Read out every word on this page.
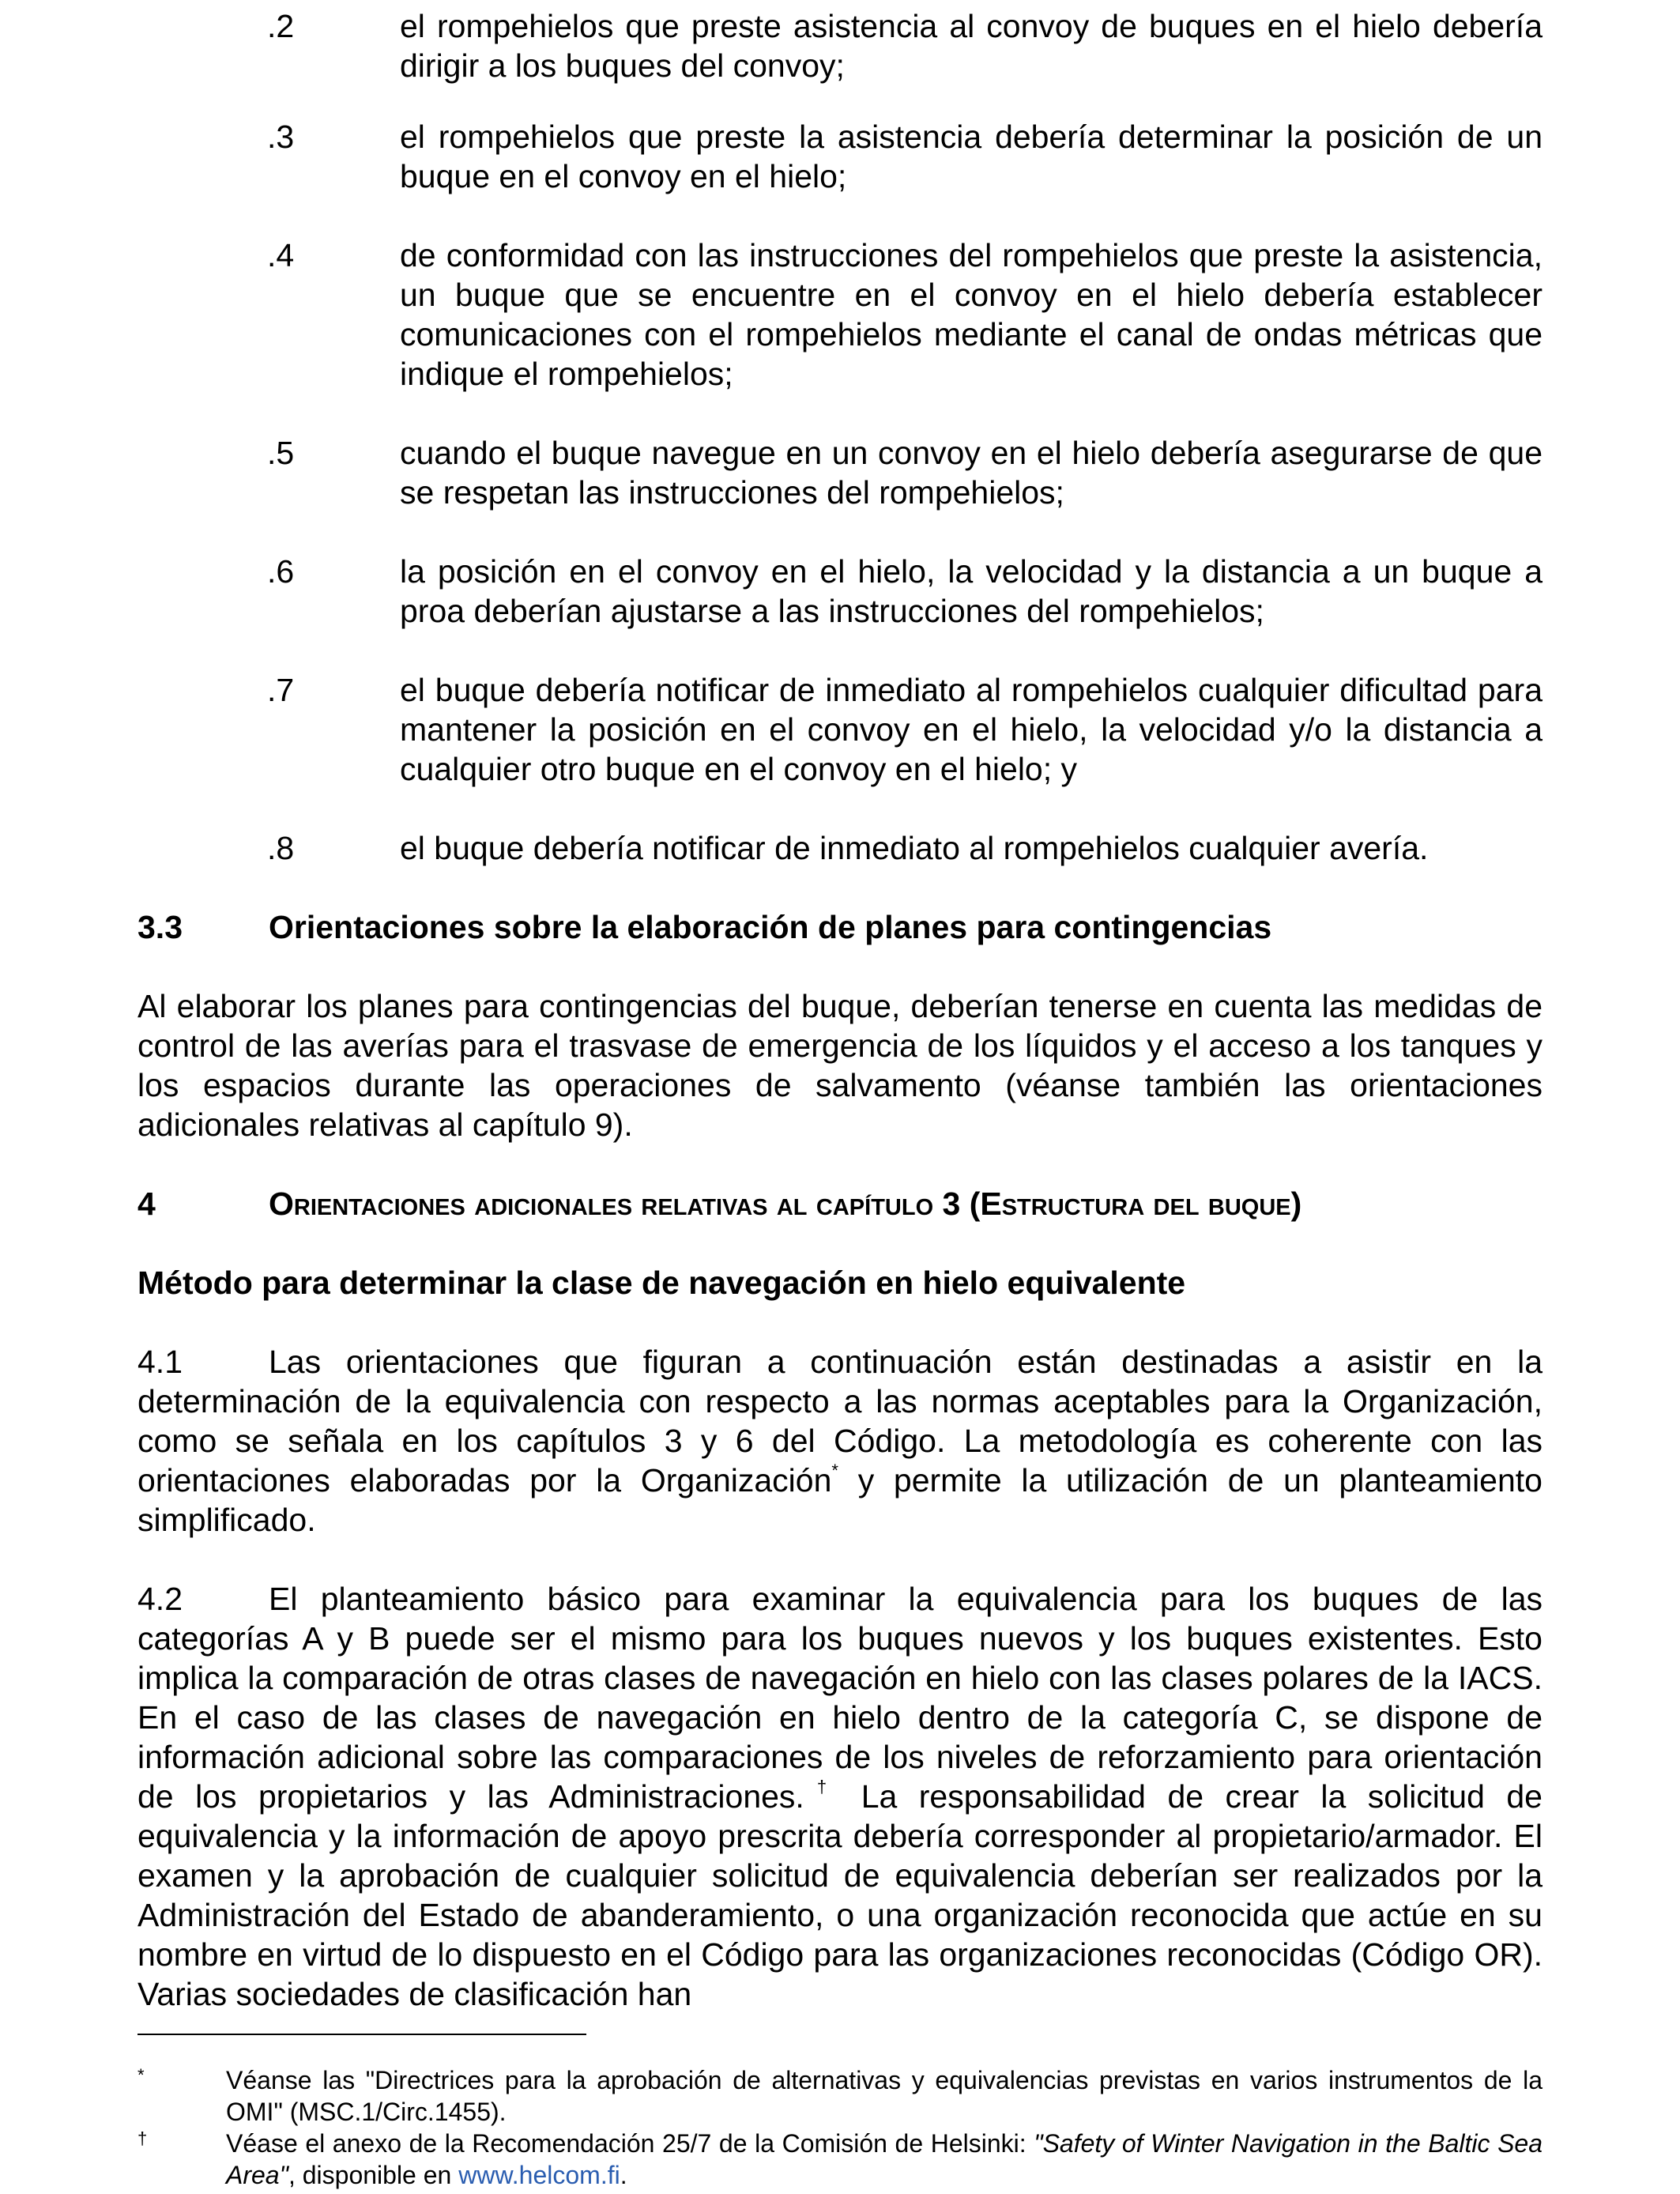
.2	el rompehielos que preste asistencia al convoy de buques en el hielo debería dirigir a los buques del convoy;
.3	el rompehielos que preste la asistencia debería determinar la posición de un buque en el convoy en el hielo;
.4	de conformidad con las instrucciones del rompehielos que preste la asistencia, un buque que se encuentre en el convoy en el hielo debería establecer comunicaciones con el rompehielos mediante el canal de ondas métricas que indique el rompehielos;
.5	cuando el buque navegue en un convoy en el hielo debería asegurarse de que se respetan las instrucciones del rompehielos;
.6	la posición en el convoy en el hielo, la velocidad y la distancia a un buque a proa deberían ajustarse a las instrucciones del rompehielos;
.7	el buque debería notificar de inmediato al rompehielos cualquier dificultad para mantener la posición en el convoy en el hielo, la velocidad y/o la distancia a cualquier otro buque en el convoy en el hielo; y
.8	el buque debería notificar de inmediato al rompehielos cualquier avería.
3.3	Orientaciones sobre la elaboración de planes para contingencias
Al elaborar los planes para contingencias del buque, deberían tenerse en cuenta las medidas de control de las averías para el trasvase de emergencia de los líquidos y el acceso a los tanques y los espacios durante las operaciones de salvamento (véanse también las orientaciones adicionales relativas al capítulo 9).
4	Orientaciones adicionales relativas al capítulo 3 (Estructura del buque)
Método para determinar la clase de navegación en hielo equivalente
4.1	Las orientaciones que figuran a continuación están destinadas a asistir en la determinación de la equivalencia con respecto a las normas aceptables para la Organización, como se señala en los capítulos 3 y 6 del Código. La metodología es coherente con las orientaciones elaboradas por la Organización* y permite la utilización de un planteamiento simplificado.
4.2	El planteamiento básico para examinar la equivalencia para los buques de las categorías A y B puede ser el mismo para los buques nuevos y los buques existentes. Esto implica la comparación de otras clases de navegación en hielo con las clases polares de la IACS. En el caso de las clases de navegación en hielo dentro de la categoría C, se dispone de información adicional sobre las comparaciones de los niveles de reforzamiento para orientación de los propietarios y las Administraciones.† La responsabilidad de crear la solicitud de equivalencia y la información de apoyo prescrita debería corresponder al propietario/armador. El examen y la aprobación de cualquier solicitud de equivalencia deberían ser realizados por la Administración del Estado de abanderamiento, o una organización reconocida que actúe en su nombre en virtud de lo dispuesto en el Código para las organizaciones reconocidas (Código OR). Varias sociedades de clasificación han
*	Véanse las "Directrices para la aprobación de alternativas y equivalencias previstas en varios instrumentos de la OMI" (MSC.1/Circ.1455).
†	Véase el anexo de la Recomendación 25/7 de la Comisión de Helsinki: "Safety of Winter Navigation in the Baltic Sea Area", disponible en www.helcom.fi.
